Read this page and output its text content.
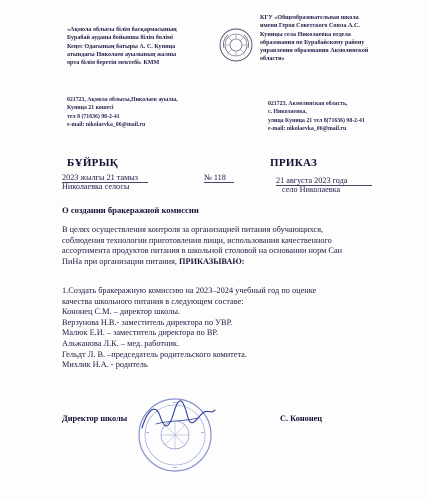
«Ақмола облысы білім басқармасының
Бурабай ауданы бойынша білім бөлімі
Кеңес Одағының батыры А. С. Куница
атындағы Николаев ауылының жалпы
орта білім беретін мектебі» КММ
КГУ «Общеобразовательная школа
имени Героя Советского Союза А.С.
Куницы села Николаевка отдела
образования по Бурабайскому району
управления образования Акмолинской
области»
021723, Ақмола облысы,Николаев ауылы,
Куница 21 көшесі
тел 8 (71636) 98-2-41
e-mail: nikolaevka_06@mail.ru
021723, Акмолинская область,
с. Николаевка,
улица Куница 21 тел 8(71636) 98-2-41
e-mail: nikolaevka_06@mail.ru
БҰЙРЫҚ	ПРИКАЗ
2023 жылғы 21 тамыз	№ 118	21 августа 2023 года
Николаевка селосы	село Николаевка
О создании бракеражной комиссии
В целях осуществления контроля за организацией питания обучающихся,
соблюдения технологии приготовления пищи, использования качественного
ассортимента продуктов питания в школьной столовой на основании норм Сан
ПиНа при организации питания, ПРИКАЗЫВАЮ:
1.Создать бракеражную комиссию на 2023–2024 учебный год по оценке
качества школьного питания в следующем составе:
Кононец С.М. – директор школы.
Верзунова Н.В.- заместитель директора по УВР.
Малюк Е.И. – заместитель директора по ВР.
Альжанова Л.К. – мед. работник.
Гельдт Л. В. –председатель родительского комитета.
Михлик Н.А. - родитель
Директор школы	С. Кононец
